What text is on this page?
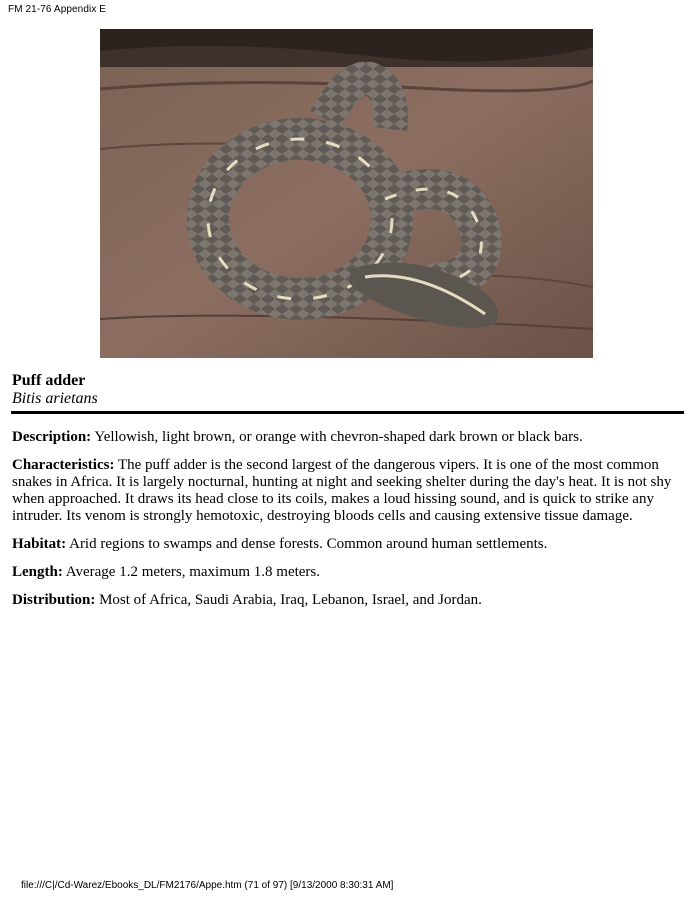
FM 21-76 Appendix E
Puff adder
Bitis arietans

Description: Yellowish, light brown, or orange with chevron-shaped dark brown or black bars.

Characteristics: The puff adder is the second largest of the dangerous vipers. It is one of the most common snakes in Africa. It is largely nocturnal, hunting at night and seeking shelter during the day's heat. It is not shy when approached. It draws its head close to its coils, makes a loud hissing sound, and is quick to strike any intruder. Its venom is strongly hemotoxic, destroying bloods cells and causing extensive tissue damage.

Habitat: Arid regions to swamps and dense forests. Common around human settlements.

Length: Average 1.2 meters, maximum 1.8 meters.

Distribution: Most of Africa, Saudi Arabia, Iraq, Lebanon, Israel, and Jordan.

file:///C|/Cd-Warez/Ebooks_DL/FM2176/Appe.htm (71 of 97) [9/13/2000 8:30:31 AM]
